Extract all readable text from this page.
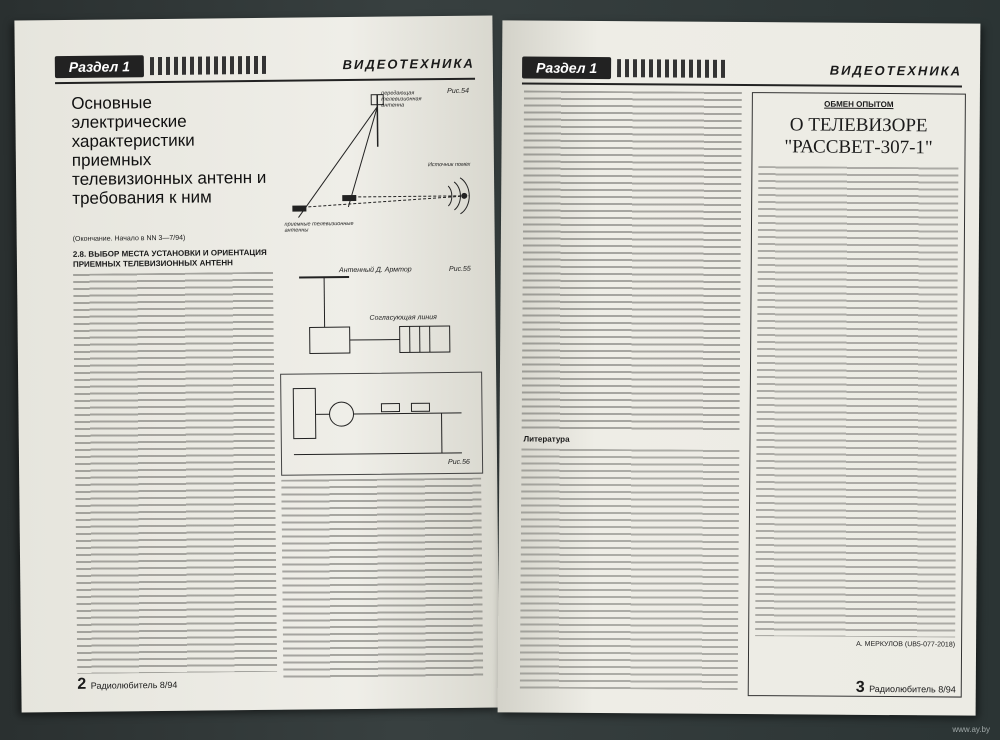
Раздел 1	ВИДЕОТЕХНИКА
Основные электрические характеристики приемных телевизионных антенн и требования к ним
(Окончание. Начало в NN 3—7/94)
2.8. ВЫБОР МЕСТА УСТАНОВКИ И ОРИЕНТАЦИЯ ПРИЕМНЫХ ТЕЛЕВИЗИОННЫХ АНТЕНН
передающая телевизионная антенна
Источник помех
приемные телевизионные антенны
Рис.54
Антенный Д. Армтор
Согласующая линия
Рис.55
Рис.56
2 Радиолюбитель 8/94
Раздел 1	ВИДЕОТЕХНИКА
Литература
ОБМЕН ОПЫТОМ
О ТЕЛЕВИЗОРЕ
"РАССВЕТ-307-1"
А. МЕРКУЛОВ (UB5-077-2018)
3 Радиолюбитель 8/94
www.ay.by
